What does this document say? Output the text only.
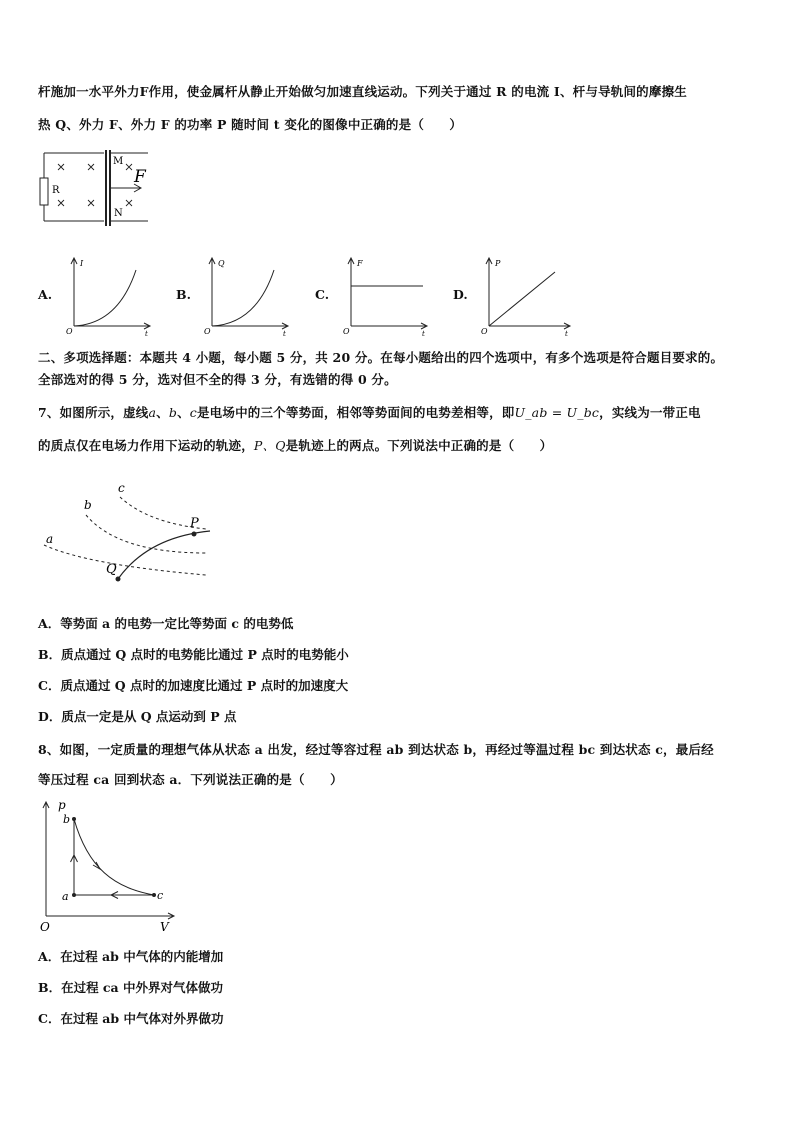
杆施加一水平外力F作用，使金属杆从静止开始做匀加速直线运动。下列关于通过 R 的电流 I、杆与导轨间的摩擦生
热 Q、外力 F、外力 F 的功率 P 随时间 t 变化的图像中正确的是（　　）
R
M
N
F
A.
I
t
O
B.
Q
t
O
C.
F
t
O
D.
P
t
O
二、多项选择题：本题共 4 小题，每小题 5 分，共 20 分。在每小题给出的四个选项中，有多个选项是符合题目要求的。
全部选对的得 5 分，选对但不全的得 3 分，有选错的得 0 分。
7、如图所示，虚线a、b、c是电场中的三个等势面，相邻等势面间的电势差相等，即U_ab = U_bc，实线为一带正电
的质点仅在电场力作用下运动的轨迹，P、Q是轨迹上的两点。下列说法中正确的是（　　）
a
b
c
P
Q
A．等势面 a 的电势一定比等势面 c 的电势低
B．质点通过 Q 点时的电势能比通过 P 点时的电势能小
C．质点通过 Q 点时的加速度比通过 P 点时的加速度大
D．质点一定是从 Q 点运动到 P 点
8、如图，一定质量的理想气体从状态 a 出发，经过等容过程 ab 到达状态 b，再经过等温过程 bc 到达状态 c，最后经
等压过程 ca 回到状态 a．下列说法正确的是（　　）
p
V
O
a
b
c
A．在过程 ab 中气体的内能增加
B．在过程 ca 中外界对气体做功
C．在过程 ab 中气体对外界做功
